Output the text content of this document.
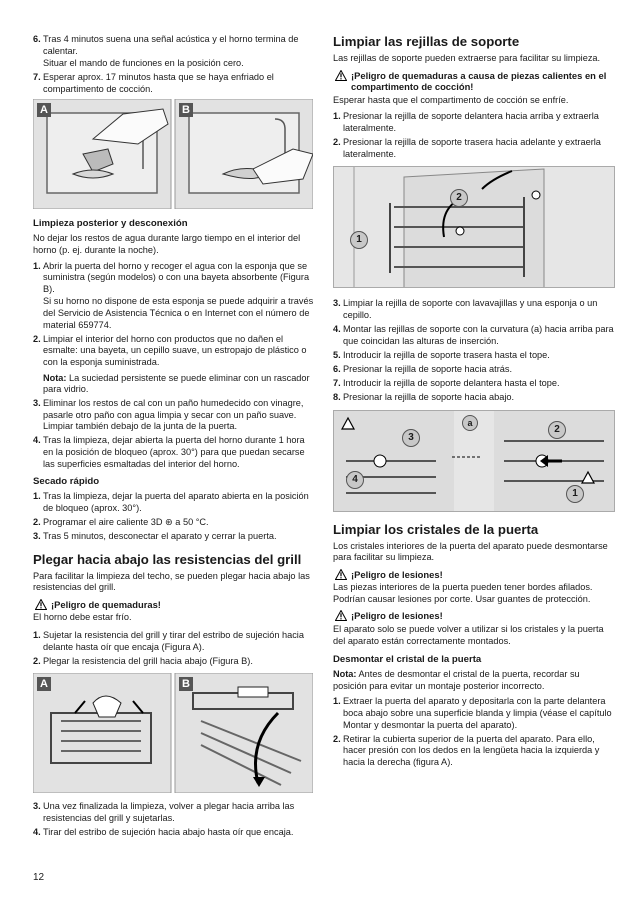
6. Tras 4 minutos suena una señal acústica y el horno termina de calentar.
Situar el mando de funciones en la posición cero.
7. Esperar aprox. 17 minutos hasta que se haya enfriado el compartimento de cocción.
A	B
Limpieza posterior y desconexión

No dejar los restos de agua durante largo tiempo en el interior del horno (p. ej. durante la noche).

1. Abrir la puerta del horno y recoger el agua con la esponja que se suministra (según modelos) o con una bayeta absorbente (Figura B).
Si su horno no dispone de esta esponja se puede adquirir a través del Servicio de Asistencia Técnica o en Internet con el número de material 659774.
2. Limpiar el interior del horno con productos que no dañen el esmalte: una bayeta, un cepillo suave, un estropajo de plástico o con la esponja suministrada.
Nota: La suciedad persistente se puede eliminar con un rascador para vidrio.
3. Eliminar los restos de cal con un paño humedecido con vinagre, pasarle otro paño con agua limpia y secar con un paño suave. Limpiar también debajo de la junta de la puerta.
4. Tras la limpieza, dejar abierta la puerta del horno durante 1 hora en la posición de bloqueo (aprox. 30°) para que puedan secarse las superficies esmaltadas del interior del horno.
Secado rápido
1. Tras la limpieza, dejar la puerta del aparato abierta en la posición de bloqueo (aprox. 30°).
2. Programar el aire caliente 3D ⊛ a 50 °C.
3. Tras 5 minutos, desconectar el aparato y cerrar la puerta.
Plegar hacia abajo las resistencias del grill

Para facilitar la limpieza del techo, se pueden plegar hacia abajo las resistencias del grill.

¡Peligro de quemaduras!

El horno debe estar frío.

1. Sujetar la resistencia del grill y tirar del estribo de sujeción hacia delante hasta oír que encaja (Figura A).
2. Plegar la resistencia del grill hacia abajo (Figura B).
A	B
3. Una vez finalizada la limpieza, volver a plegar hacia arriba las resistencias del grill y sujetarlas.
4. Tirar del estribo de sujeción hacia abajo hasta oír que encaja.
Limpiar las rejillas de soporte

Las rejillas de soporte pueden extraerse para facilitar su limpieza.

¡Peligro de quemaduras a causa de piezas calientes en el compartimento de cocción!

Esperar hasta que el compartimento de cocción se enfríe.

1. Presionar la rejilla de soporte delantera hacia arriba y extraerla lateralmente.
2. Presionar la rejilla de soporte trasera hacia adelante y extraerla lateralmente.
1
2
3. Limpiar la rejilla de soporte con lavavajillas y una esponja o un cepillo.
4. Montar las rejillas de soporte con la curvatura (a) hacia arriba para que coincidan las alturas de inserción.
5. Introducir la rejilla de soporte trasera hasta el tope.
6. Presionar la rejilla de soporte hacia atrás.
7. Introducir la rejilla de soporte delantera hasta el tope.
8. Presionar la rejilla de soporte hacia abajo.
a
3
4
2
1
Limpiar los cristales de la puerta

Los cristales interiores de la puerta del aparato puede desmontarse para facilitar su limpieza.

¡Peligro de lesiones!

Las piezas interiores de la puerta pueden tener bordes afilados. Podrían causar lesiones por corte. Usar guantes de protección.

¡Peligro de lesiones!

El aparato solo se puede volver a utilizar si los cristales y la puerta del aparato están correctamente montados.

Desmontar el cristal de la puerta

Nota: Antes de desmontar el cristal de la puerta, recordar su posición para evitar un montaje posterior incorrecto.

1. Extraer la puerta del aparato y depositarla con la parte delantera boca abajo sobre una superficie blanda y limpia (véase el capítulo Montar y desmontar la puerta del aparato).
2. Retirar la cubierta superior de la puerta del aparato. Para ello, hacer presión con los dedos en la lengüeta hacia la izquierda y hacia la derecha (figura A).
12
